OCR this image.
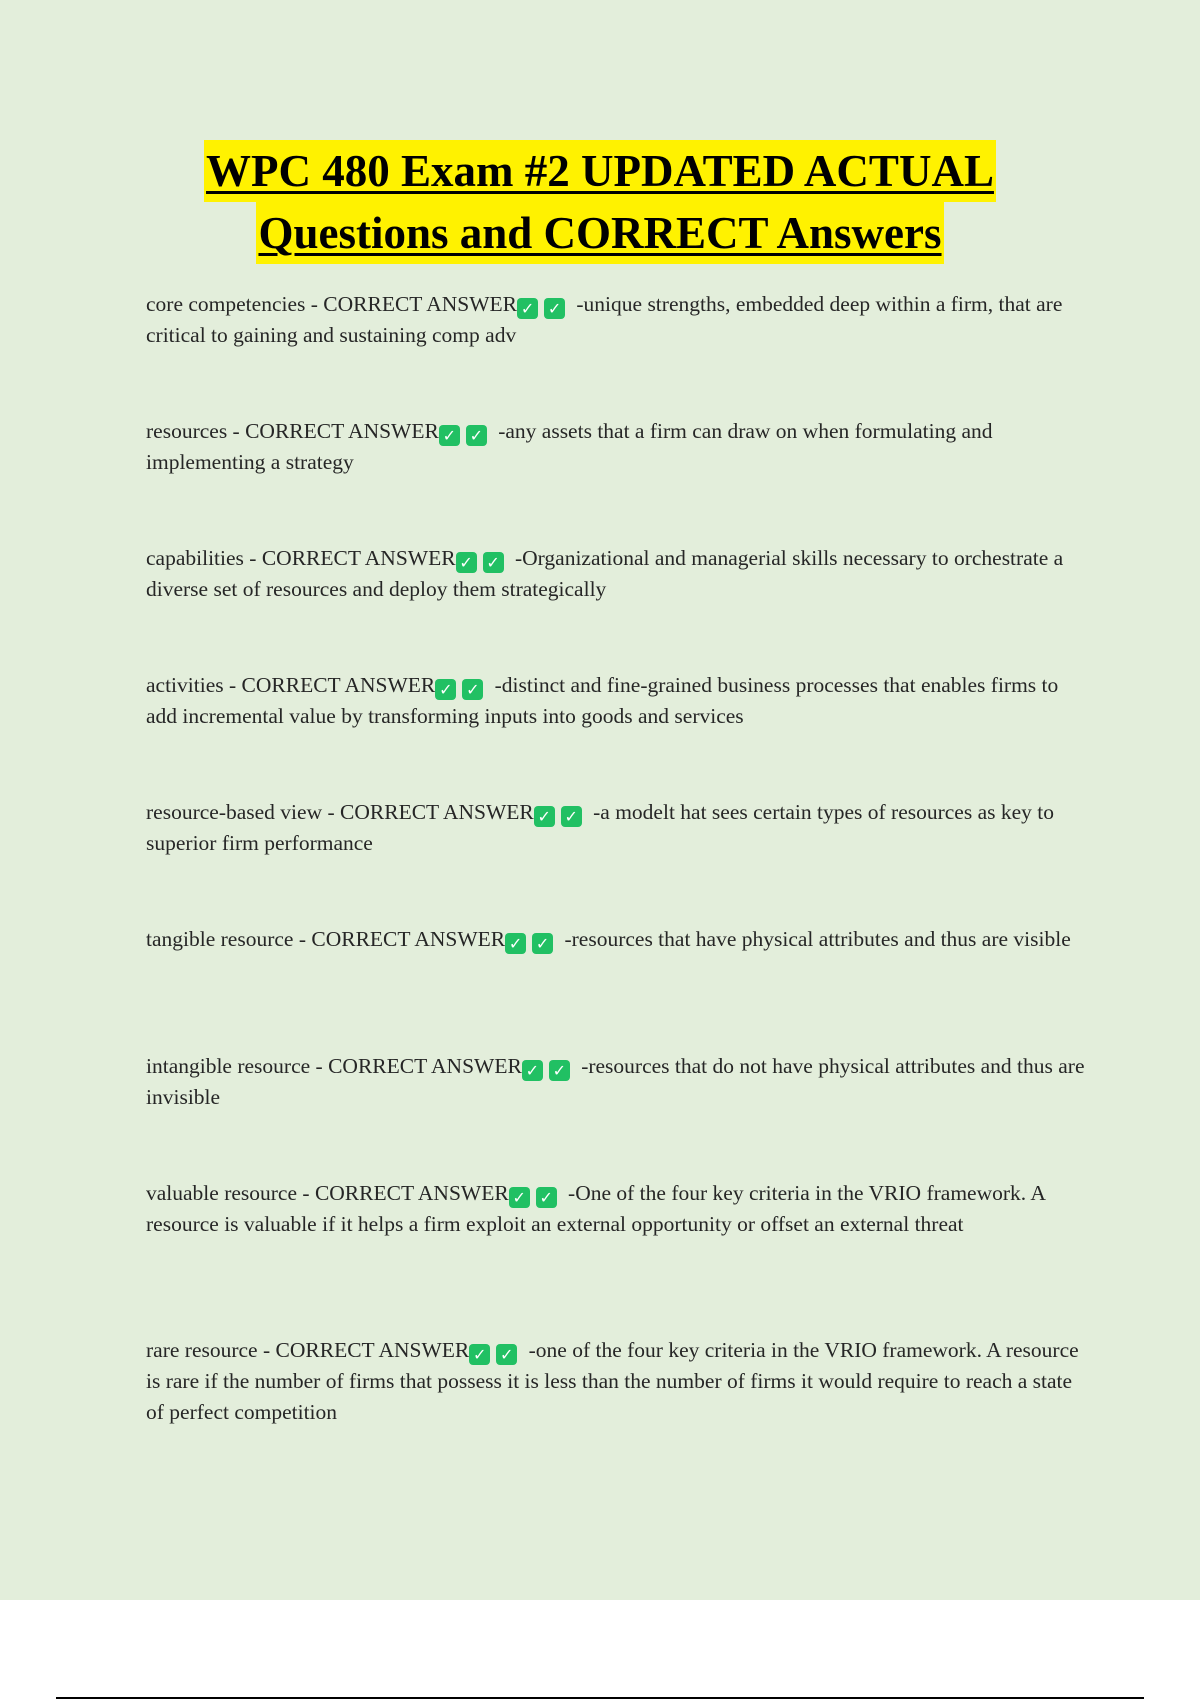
WPC 480 Exam #2 UPDATED ACTUAL
Questions and CORRECT Answers
core competencies - CORRECT ANSWER ✓ ✓ -unique strengths, embedded deep within a firm, that are critical to gaining and sustaining comp adv
resources - CORRECT ANSWER ✓ ✓ -any assets that a firm can draw on when formulating and implementing a strategy
capabilities - CORRECT ANSWER ✓ ✓ -Organizational and managerial skills necessary to orchestrate a diverse set of resources and deploy them strategically
activities - CORRECT ANSWER ✓ ✓ -distinct and fine-grained business processes that enables firms to add incremental value by transforming inputs into goods and services
resource-based view - CORRECT ANSWER ✓ ✓ -a modelt hat sees certain types of resources as key to superior firm performance
tangible resource - CORRECT ANSWER ✓ ✓ -resources that have physical attributes and thus are visible
intangible resource - CORRECT ANSWER ✓ ✓ -resources that do not have physical attributes and thus are invisible
valuable resource - CORRECT ANSWER ✓ ✓ -One of the four key criteria in the VRIO framework. A resource is valuable if it helps a firm exploit an external opportunity or offset an external threat
rare resource - CORRECT ANSWER ✓ ✓ -one of the four key criteria in the VRIO framework. A resource is rare if the number of firms that possess it is less than the number of firms it would require to reach a state of perfect competition
